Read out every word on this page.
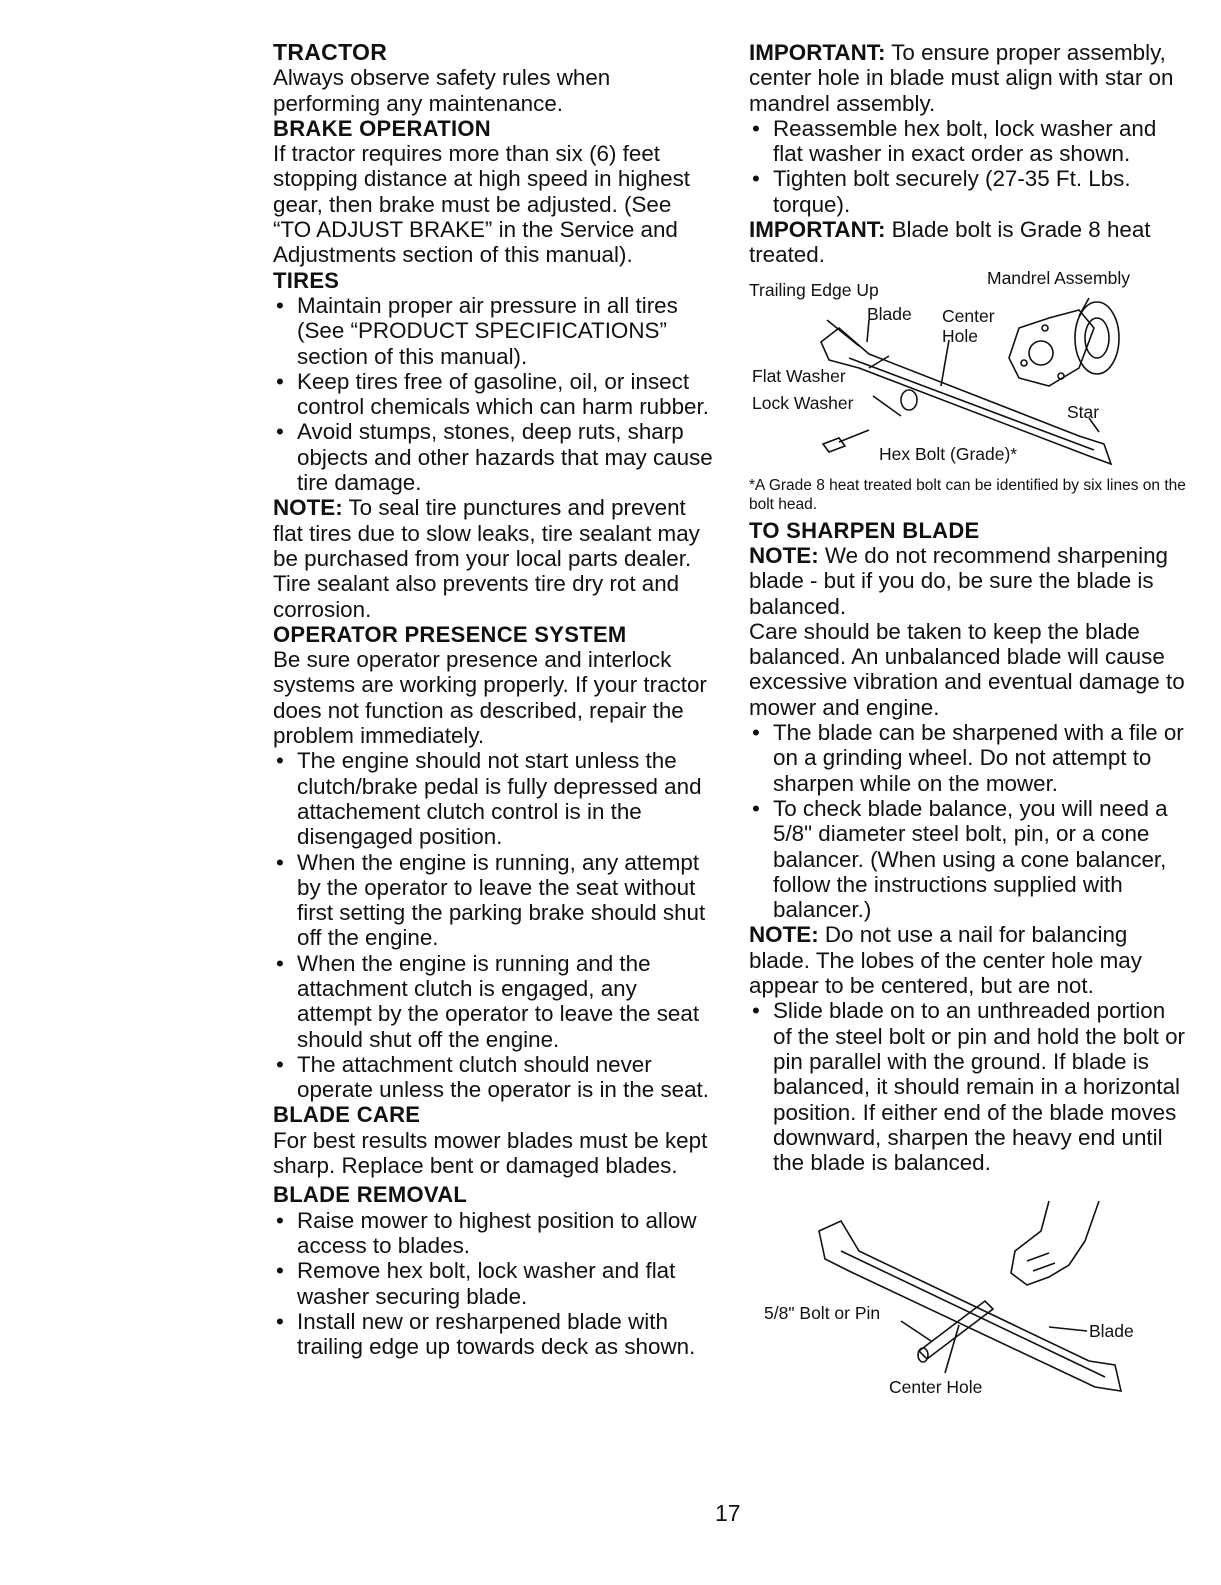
TRACTOR

Always observe safety rules when performing any maintenance.

BRAKE OPERATION

If tractor requires more than six (6) feet stopping distance at high speed in highest gear, then brake must be adjusted. (See “TO ADJUST BRAKE” in the Service and Adjustments section of this manual).

TIRES
• Maintain proper air pressure in all tires (See “PRODUCT SPECIFICATIONS” section of this manual).
• Keep tires free of gasoline, oil, or insect control chemicals which can harm rubber.
• Avoid stumps, stones, deep ruts, sharp objects and other hazards that may cause tire damage.

NOTE: To seal tire punctures and prevent flat tires due to slow leaks, tire sealant may be purchased from your local parts dealer. Tire sealant also prevents tire dry rot and corrosion.

OPERATOR PRESENCE SYSTEM

Be sure operator presence and interlock systems are working properly. If your tractor does not function as described, repair the problem immediately.

• The engine should not start unless the clutch/brake pedal is fully depressed and attachement clutch control is in the disengaged position.
• When the engine is running, any attempt by the operator to leave the seat without first setting the parking brake should shut off the engine.
• When the engine is running and the attachment clutch is engaged, any attempt by the operator to leave the seat should shut off the engine.
• The attachment clutch should never operate unless the operator is in the seat.
BLADE CARE

For best results mower blades must be kept sharp. Replace bent or damaged blades.

BLADE REMOVAL
• Raise mower to highest position to allow access to blades.
• Remove hex bolt, lock washer and flat washer securing blade.
• Install new or resharpened blade with trailing edge up towards deck as shown.

IMPORTANT: To ensure proper assembly, center hole in blade must align with star on mandrel assembly.

• Reassemble hex bolt, lock washer and flat washer in exact order as shown.
• Tighten bolt securely (27-35 Ft. Lbs. torque).

IMPORTANT: Blade bolt is Grade 8 heat treated.

Mandrel Assembly
Trailing Edge Up
Blade Center
Hole
Flat Washer
Lock Washer	Star
Hex Bolt (Grade)*

*A Grade 8 heat treated bolt can be identified by six lines on the bolt head.

TO SHARPEN BLADE

NOTE: We do not recommend sharpening blade - but if you do, be sure the blade is balanced.

Care should be taken to keep the blade balanced. An unbalanced blade will cause excessive vibration and eventual damage to mower and engine.

• The blade can be sharpened with a file or on a grinding wheel. Do not attempt to sharpen while on the mower.
• To check blade balance, you will need a 5/8" diameter steel bolt, pin, or a cone balancer. (When using a cone balancer, follow the instructions supplied with balancer.)

NOTE: Do not use a nail for balancing blade. The lobes of the center hole may appear to be centered, but are not.

• Slide blade on to an unthreaded portion of the steel bolt or pin and hold the bolt or pin parallel with the ground. If blade is balanced, it should remain in a horizontal position. If either end of the blade moves downward, sharpen the heavy end until the blade is balanced.
5/8" Bolt or Pin
Blade
Center Hole
17
